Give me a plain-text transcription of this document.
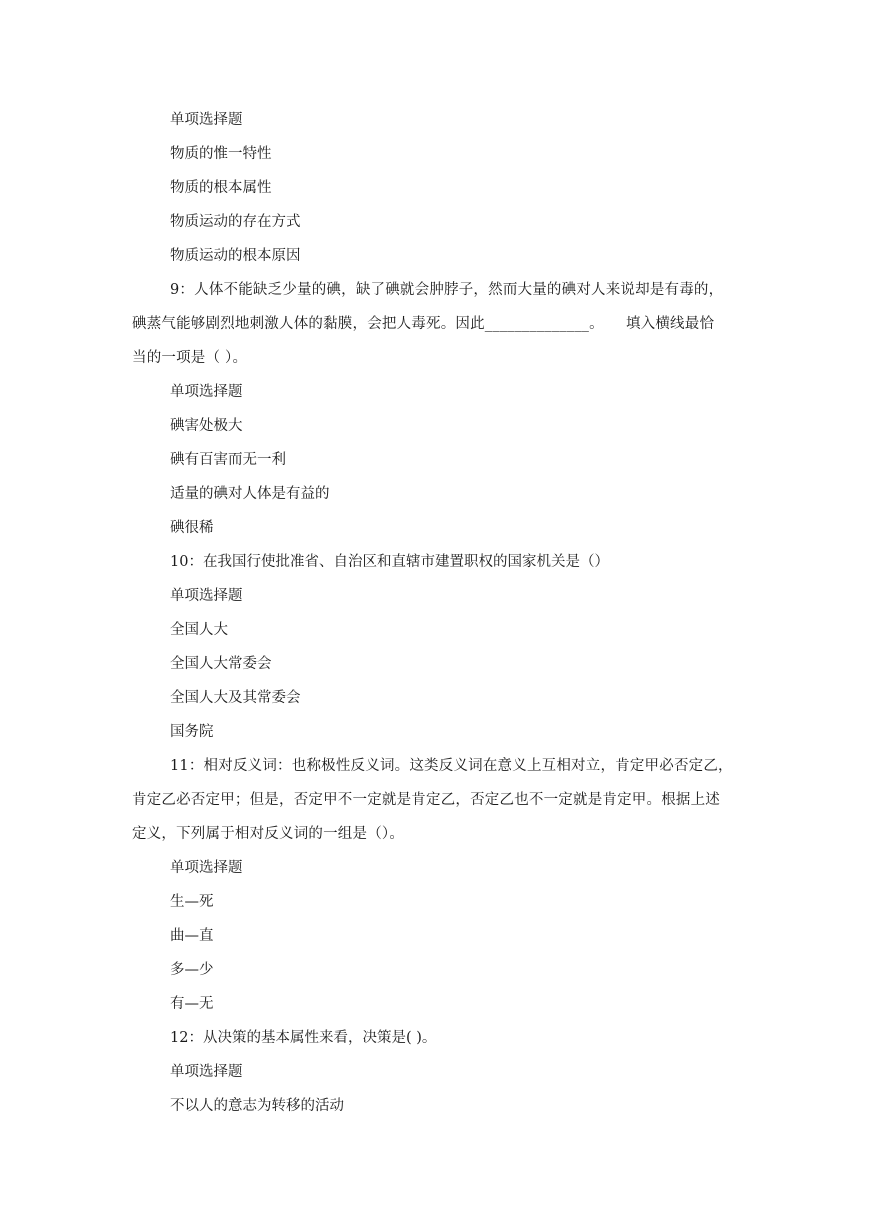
单项选择题
物质的惟一特性
物质的根本属性
物质运动的存在方式
物质运动的根本原因
9：人体不能缺乏少量的碘，缺了碘就会肿脖子，然而大量的碘对人来说却是有毒的，
碘蒸气能够剧烈地刺激人体的黏膜，会把人毒死。因此______________。　　填入横线最恰
当的一项是（ ）。
单项选择题
碘害处极大
碘有百害而无一利
适量的碘对人体是有益的
碘很稀
10：在我国行使批准省、自治区和直辖市建置职权的国家机关是（）
单项选择题
全国人大
全国人大常委会
全国人大及其常委会
国务院
11：相对反义词：也称极性反义词。这类反义词在意义上互相对立，肯定甲必否定乙，
肯定乙必否定甲；但是，否定甲不一定就是肯定乙，否定乙也不一定就是肯定甲。根据上述
定义，下列属于相对反义词的一组是（）。
单项选择题
生—死
曲—直
多—少
有—无
12：从决策的基本属性来看，决策是( )。
单项选择题
不以人的意志为转移的活动
